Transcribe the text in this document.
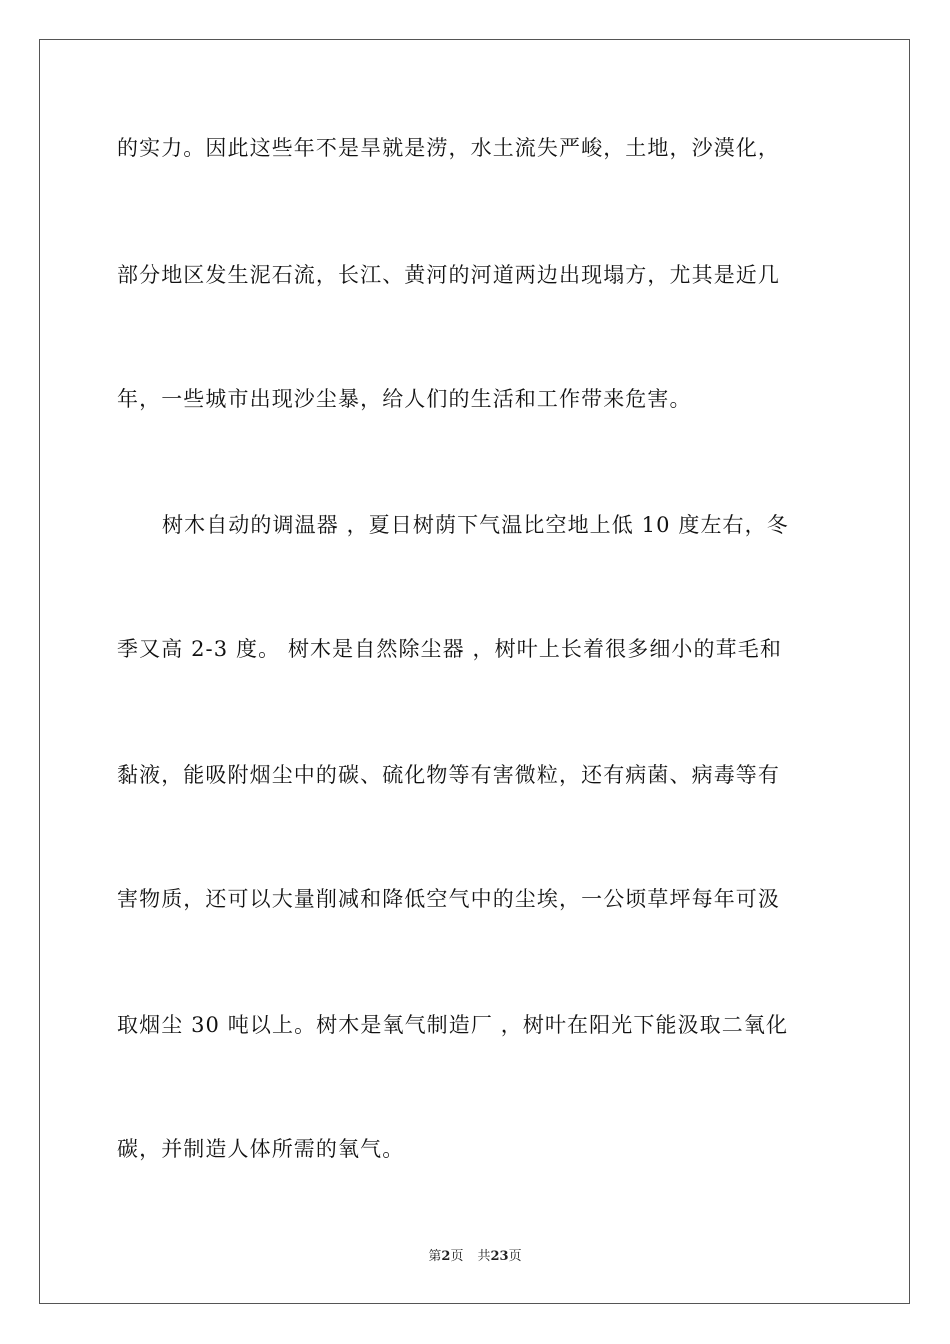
的实力。因此这些年不是旱就是涝，水土流失严峻，土地，沙漠化，
部分地区发生泥石流，长江、黄河的河道两边出现塌方，尤其是近几
年，一些城市出现沙尘暴，给人们的生活和工作带来危害。
树木自动的调温器 ，夏日树荫下气温比空地上低 10 度左右，冬
季又高 2-3 度。 树木是自然除尘器 ，树叶上长着很多细小的茸毛和
黏液，能吸附烟尘中的碳、硫化物等有害微粒，还有病菌、病毒等有
害物质，还可以大量削减和降低空气中的尘埃，一公顷草坪每年可汲
取烟尘 30 吨以上。树木是氧气制造厂 ，树叶在阳光下能汲取二氧化
碳，并制造人体所需的氧气。
第2页 共23页
